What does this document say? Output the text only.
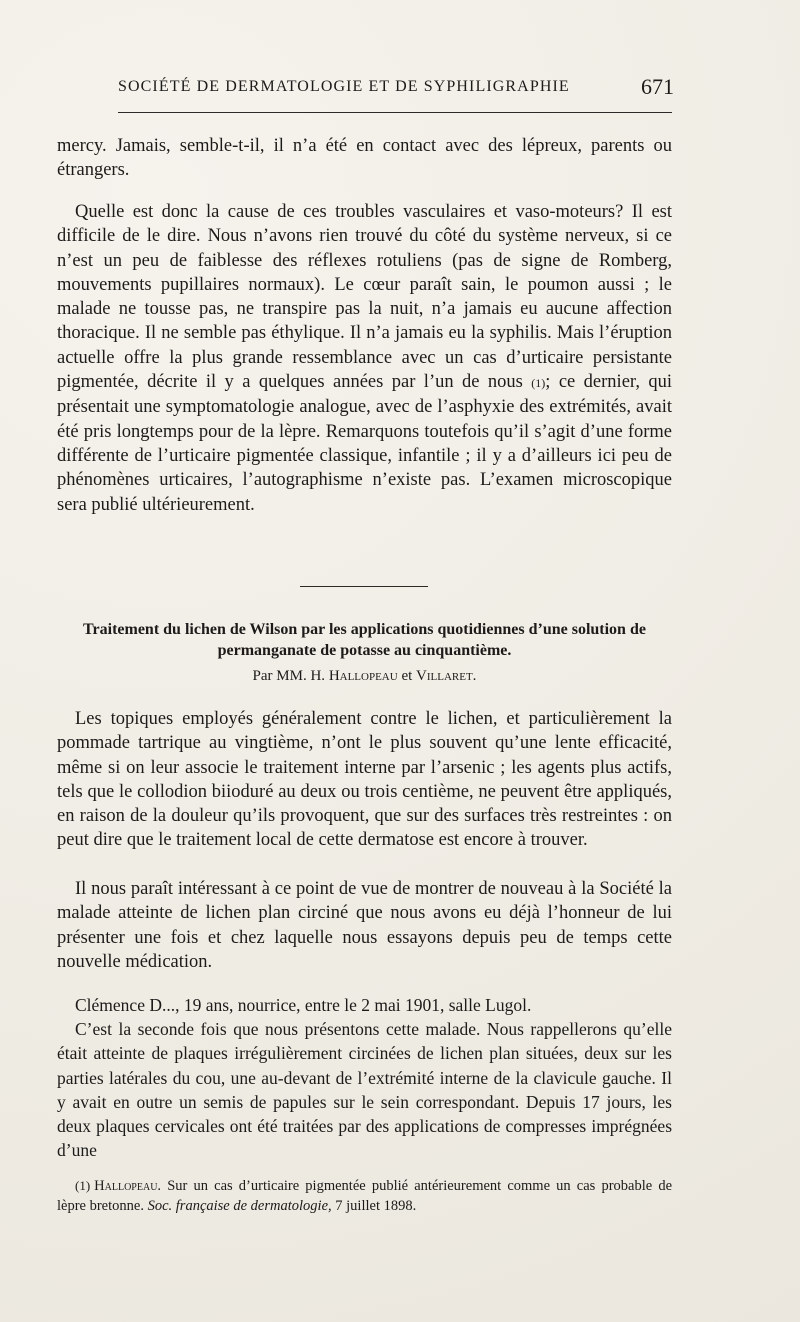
SOCIÉTÉ DE DERMATOLOGIE ET DE SYPHILIGRAPHIE	671

mercy. Jamais, semble-t-il, il n’a été en contact avec des lépreux, parents ou étrangers.

Quelle est donc la cause de ces troubles vasculaires et vaso-moteurs? Il est difficile de le dire. Nous n’avons rien trouvé du côté du système nerveux, si ce n’est un peu de faiblesse des réflexes rotuliens (pas de signe de Romberg, mouvements pupillaires normaux). Le cœur paraît sain, le poumon aussi ; le malade ne tousse pas, ne transpire pas la nuit, n’a jamais eu aucune affection thoracique. Il ne semble pas éthylique. Il n’a jamais eu la syphilis. Mais l’éruption actuelle offre la plus grande ressemblance avec un cas d’urticaire persistante pigmentée, décrite il y a quelques années par l’un de nous (1); ce dernier, qui présentait une symptomatologie analogue, avec de l’asphyxie des extrémités, avait été pris longtemps pour de la lèpre. Remarquons toutefois qu’il s’agit d’une forme différente de l’urticaire pigmentée classique, infantile ; il y a d’ailleurs ici peu de phénomènes urticaires, l’autographisme n’existe pas. L’examen microscopique sera publié ultérieurement.

Traitement du lichen de Wilson par les applications quotidiennes d’une solution de permanganate de potasse au cinquantième.

Par MM. H. Hallopeau et Villaret.

Les topiques employés généralement contre le lichen, et particulièrement la pommade tartrique au vingtième, n’ont le plus souvent qu’une lente efficacité, même si on leur associe le traitement interne par l’arsenic ; les agents plus actifs, tels que le collodion biioduré au deux ou trois centième, ne peuvent être appliqués, en raison de la douleur qu’ils provoquent, que sur des surfaces très restreintes : on peut dire que le traitement local de cette dermatose est encore à trouver.

Il nous paraît intéressant à ce point de vue de montrer de nouveau à la Société la malade atteinte de lichen plan circiné que nous avons eu déjà l’honneur de lui présenter une fois et chez laquelle nous essayons depuis peu de temps cette nouvelle médication.

Clémence D..., 19 ans, nourrice, entre le 2 mai 1901, salle Lugol.

C’est la seconde fois que nous présentons cette malade. Nous rappellerons qu’elle était atteinte de plaques irrégulièrement circinées de lichen plan situées, deux sur les parties latérales du cou, une au-devant de l’extrémité interne de la clavicule gauche. Il y avait en outre un semis de papules sur le sein correspondant. Depuis 17 jours, les deux plaques cervicales ont été traitées par des applications de compresses imprégnées d’une

(1) Hallopeau. Sur un cas d’urticaire pigmentée publié antérieurement comme un cas probable de lèpre bretonne. Soc. française de dermatologie, 7 juillet 1898.
